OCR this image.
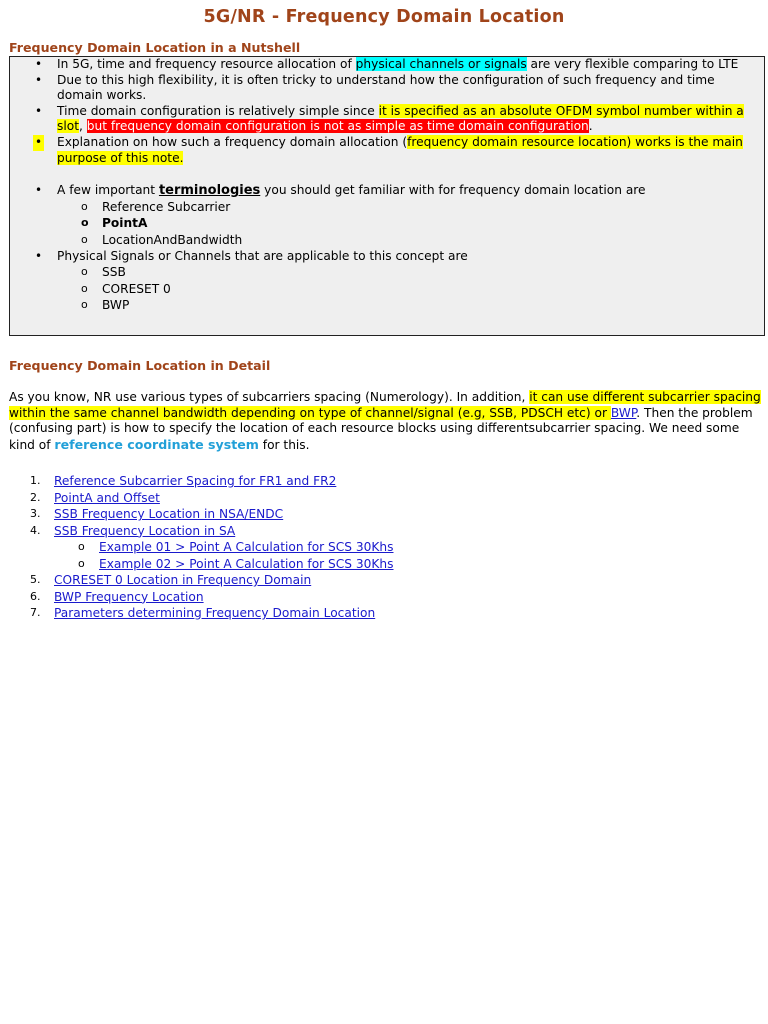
5G/NR - Frequency Domain Location
Frequency Domain Location in a Nutshell
• In 5G, time and frequency resource allocation of physical channels or signals are very flexible comparing to LTE
• Due to this high flexibility, it is often tricky to understand how the configuration of such frequency and time domain works.
• Time domain configuration is relatively simple since it is specified as an absolute OFDM symbol number within a slot, but frequency domain configuration is not as simple as time domain configuration.
• Explanation on how such a frequency domain allocation (frequency domain resource location) works is the main purpose of this note.
• A few important terminologies you should get familiar with for frequency domain location are
o Reference Subcarrier
o PointA
o LocationAndBandwidth
• Physical Signals or Channels that are applicable to this concept are
o SSB
o CORESET 0
o BWP
Frequency Domain Location in Detail

As you know, NR use various types of subcarriers spacing (Numerology). In addition, it can use different subcarrier spacing within the same channel bandwidth depending on type of channel/signal (e.g, SSB, PDSCH etc) or BWP. Then the problem (confusing part) is how to specify the location of each resource blocks using differentsubcarrier spacing. We need some kind of reference coordinate system for this.

1. Reference Subcarrier Spacing for FR1 and FR2
2. PointA and Offset
3. SSB Frequency Location in NSA/ENDC
4. SSB Frequency Location in SA
o Example 01 > Point A Calculation for SCS 30Khs
o Example 02 > Point A Calculation for SCS 30Khs
5. CORESET 0 Location in Frequency Domain
6. BWP Frequency Location
7. Parameters determining Frequency Domain Location
